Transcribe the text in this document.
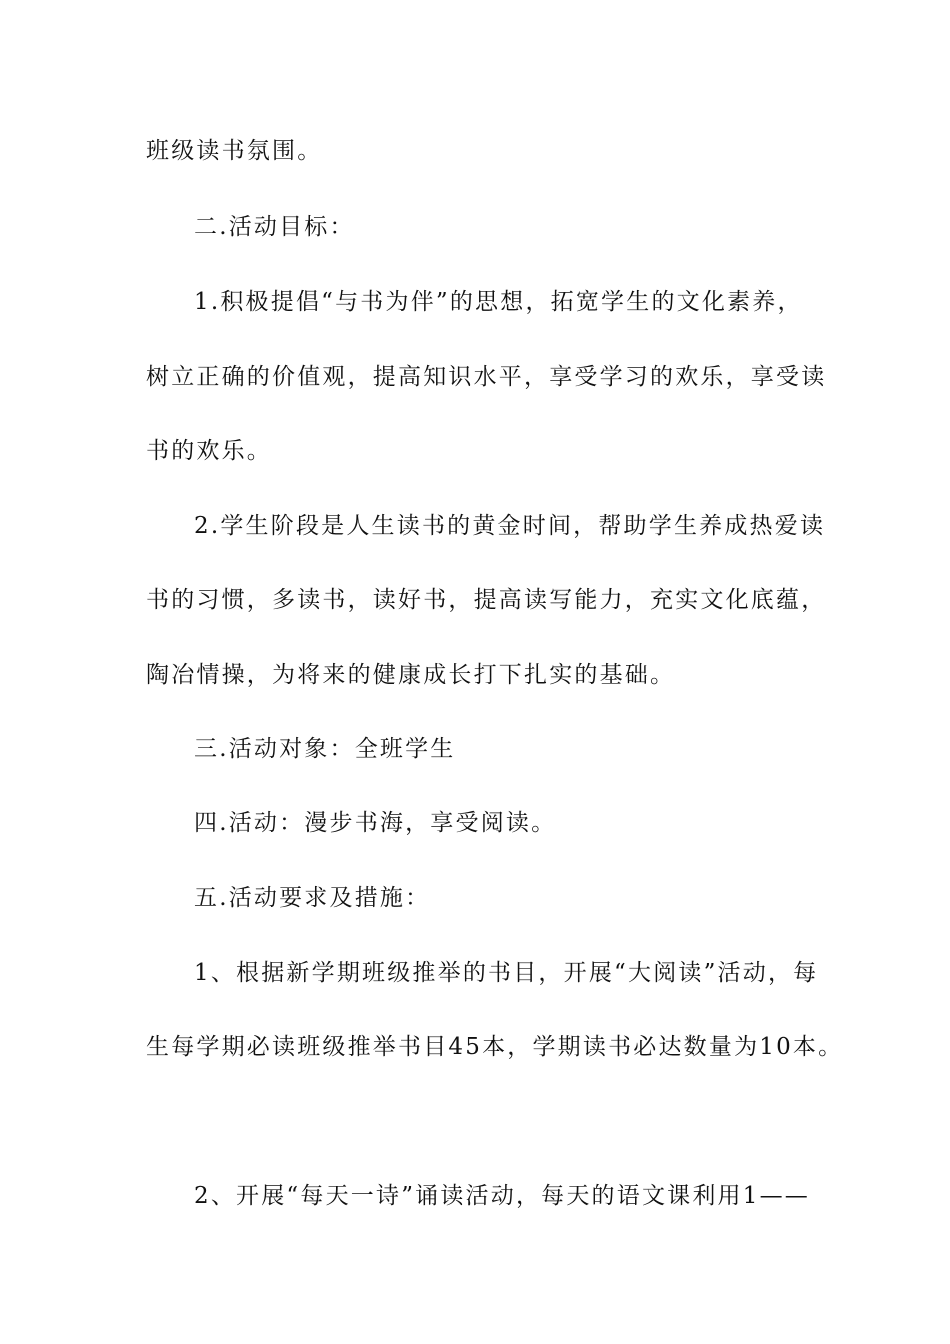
班级读书氛围。
二.活动目标：
1.积极提倡“与书为伴”的思想，拓宽学生的文化素养，
树立正确的价值观，提高知识水平，享受学习的欢乐，享受读
书的欢乐。
2.学生阶段是人生读书的黄金时间，帮助学生养成热爱读
书的习惯，多读书，读好书，提高读写能力，充实文化底蕴，
陶冶情操，为将来的健康成长打下扎实的基础。
三.活动对象：全班学生
四.活动：漫步书海，享受阅读。
五.活动要求及措施：
1、根据新学期班级推举的书目，开展“大阅读”活动，每
生每学期必读班级推举书目45本，学期读书必达数量为10本。
2、开展“每天一诗”诵读活动，每天的语文课利用1——
